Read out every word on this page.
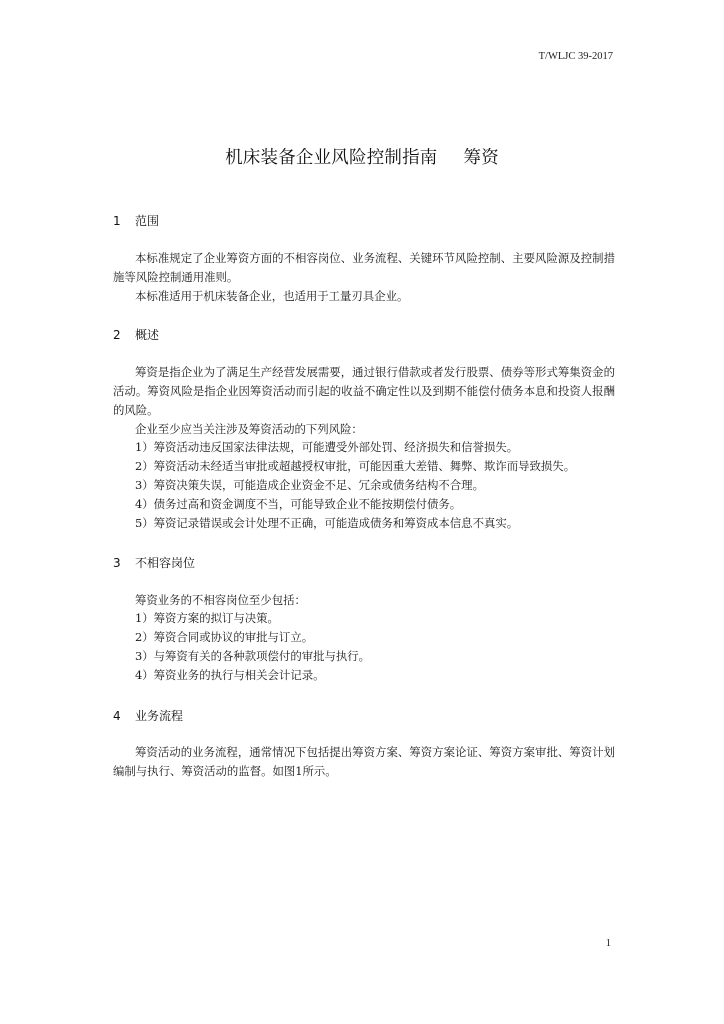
T/WLJC 39-2017
机床装备企业风险控制指南 筹资
1 范围

本标准规定了企业筹资方面的不相容岗位、业务流程、关键环节风险控制、主要风险源及控制措施等风险控制通用准则。

本标准适用于机床装备企业，也适用于工量刃具企业。

2 概述

筹资是指企业为了满足生产经营发展需要，通过银行借款或者发行股票、债券等形式筹集资金的活动。筹资风险是指企业因筹资活动而引起的收益不确定性以及到期不能偿付债务本息和投资人报酬的风险。

企业至少应当关注涉及筹资活动的下列风险：

1）筹资活动违反国家法律法规，可能遭受外部处罚、经济损失和信誉损失。
2）筹资活动未经适当审批或超越授权审批，可能因重大差错、舞弊、欺诈而导致损失。
3）筹资决策失误，可能造成企业资金不足、冗余或债务结构不合理。
4）债务过高和资金调度不当，可能导致企业不能按期偿付债务。
5）筹资记录错误或会计处理不正确，可能造成债务和筹资成本信息不真实。
3 不相容岗位

筹资业务的不相容岗位至少包括：

1）筹资方案的拟订与决策。
2）筹资合同或协议的审批与订立。
3）与筹资有关的各种款项偿付的审批与执行。
4）筹资业务的执行与相关会计记录。
4 业务流程

筹资活动的业务流程，通常情况下包括提出筹资方案、筹资方案论证、筹资方案审批、筹资计划编制与执行、筹资活动的监督。如图1所示。

1
